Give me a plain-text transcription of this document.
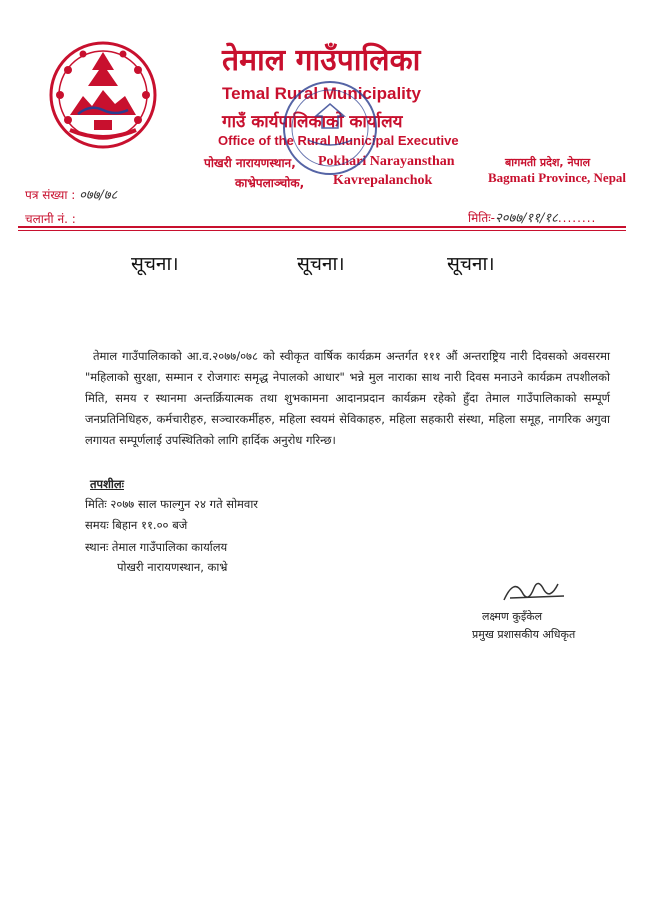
तेमाल गाउँपालिका
Temal Rural Municipality
गाउँ कार्यपालिकाको कार्यालय
Office of the Rural Municipal Executive
पोखरी नारायणस्थान, Pokhari Narayansthan
काभ्रेपलाञ्चोक, Kavrepalanchok
बागमती प्रदेश, नेपाल
Bagmati Province, Nepal
पत्र संख्या : ०७७/७८
चलानी नं. :	मितिः-२०७७/११/१८........
सूचना।	सूचना।	सूचना।
तेमाल गाउँपालिकाको आ.व.२०७७/०७८ को स्वीकृत वार्षिक कार्यक्रम अन्तर्गत १११ औं अन्तराष्ट्रिय नारी दिवसको अवसरमा "महिलाको सुरक्षा, सम्मान र रोजगारः समृद्ध नेपालको आधार" भन्ने मुल नाराका साथ नारी दिवस मनाउने कार्यक्रम तपशीलको मिति, समय र स्थानमा अन्तर्क्रियात्मक तथा शुभकामना आदानप्रदान कार्यक्रम रहेको हुँदा तेमाल गाउँपालिकाको सम्पूर्ण जनप्रतिनिधिहरु, कर्मचारीहरु, सञ्चारकर्मीहरु, महिला स्वयमं सेविकाहरु, महिला सहकारी संस्था, महिला समूह, नागरिक अगुवा लगायत सम्पूर्णलाई उपस्थितिको लागि हार्दिक अनुरोध गरिन्छ।
तपशीलः
मितिः २०७७ साल फाल्गुन २४ गते सोमवार
समयः बिहान ११.०० बजे
स्थानः तेमाल गाउँपालिका कार्यालय
पोखरी नारायणस्थान, काभ्रे
लक्ष्मण कुइँकेल
प्रमुख प्रशासकीय अधिकृत
